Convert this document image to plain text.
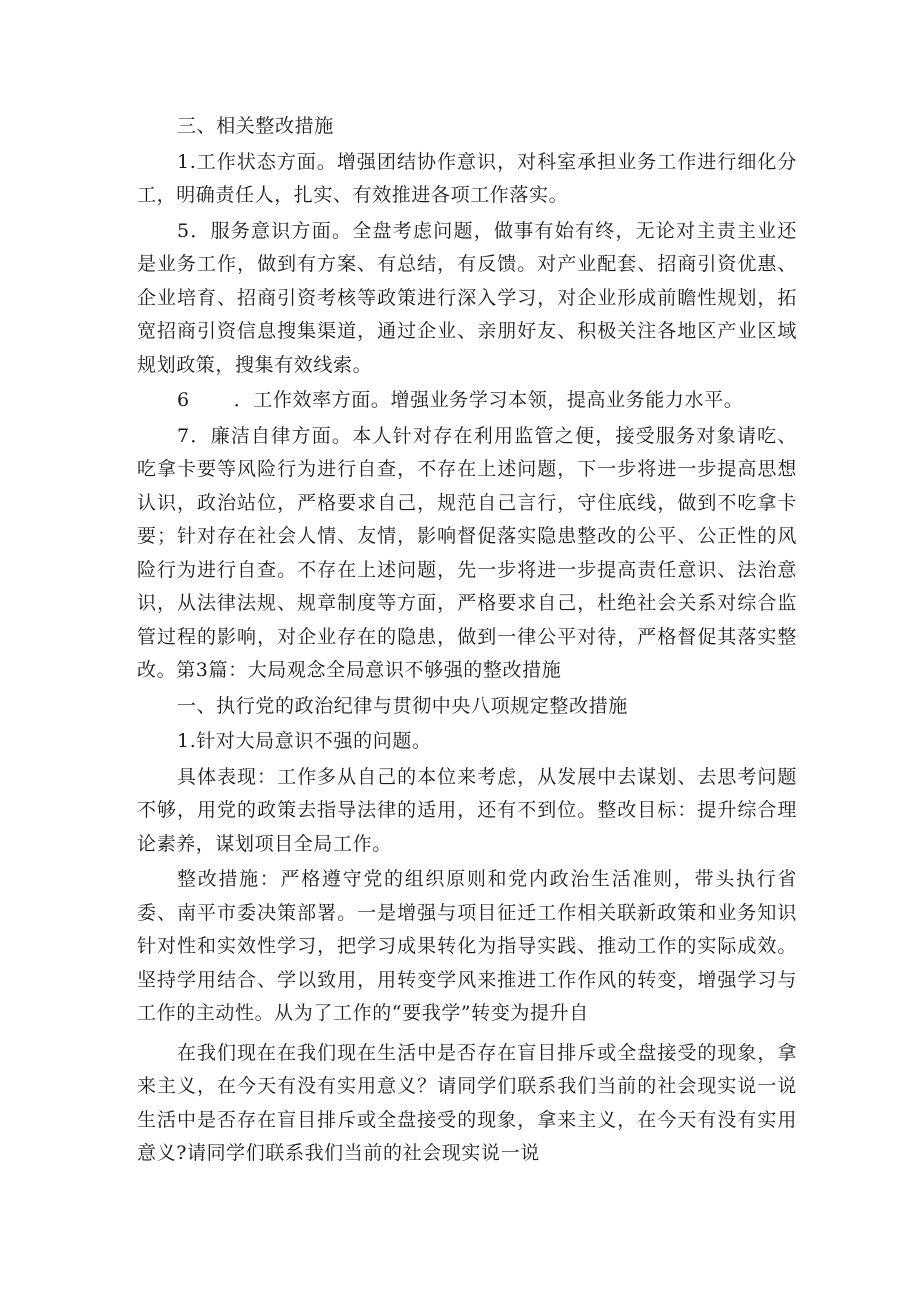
三、相关整改措施

1.工作状态方面。增强团结协作意识，对科室承担业务工作进行细化分工，明确责任人，扎实、有效推进各项工作落实。

5．服务意识方面。全盘考虑问题，做事有始有终，无论对主责主业还是业务工作，做到有方案、有总结，有反馈。对产业配套、招商引资优惠、企业培育、招商引资考核等政策进行深入学习，对企业形成前瞻性规划，拓宽招商引资信息搜集渠道，通过企业、亲朋好友、积极关注各地区产业区域规划政策，搜集有效线索。

6 ．工作效率方面。增强业务学习本领，提高业务能力水平。

7．廉洁自律方面。本人针对存在利用监管之便，接受服务对象请吃、吃拿卡要等风险行为进行自查，不存在上述问题，下一步将进一步提高思想认识，政治站位，严格要求自己，规范自己言行，守住底线，做到不吃拿卡要；针对存在社会人情、友情，影响督促落实隐患整改的公平、公正性的风险行为进行自查。不存在上述问题，先一步将进一步提高责任意识、法治意识，从法律法规、规章制度等方面，严格要求自己，杜绝社会关系对综合监管过程的影响，对企业存在的隐患，做到一律公平对待，严格督促其落实整改。第3篇：大局观念全局意识不够强的整改措施

一、执行党的政治纪律与贯彻中央八项规定整改措施

1.针对大局意识不强的问题。

具体表现：工作多从自己的本位来考虑，从发展中去谋划、去思考问题不够，用党的政策去指导法律的适用，还有不到位。整改目标：提升综合理论素养，谋划项目全局工作。

整改措施：严格遵守党的组织原则和党内政治生活准则，带头执行省委、南平市委决策部署。一是增强与项目征迁工作相关联新政策和业务知识针对性和实效性学习，把学习成果转化为指导实践、推动工作的实际成效。坚持学用结合、学以致用，用转变学风来推进工作作风的转变，增强学习与工作的主动性。从为了工作的“要我学”转变为提升自

在我们现在在我们现在生活中是否存在盲目排斥或全盘接受的现象，拿来主义，在今天有没有实用意义？请同学们联系我们当前的社会现实说一说生活中是否存在盲目排斥或全盘接受的现象，拿来主义，在今天有没有实用意义?请同学们联系我们当前的社会现实说一说
